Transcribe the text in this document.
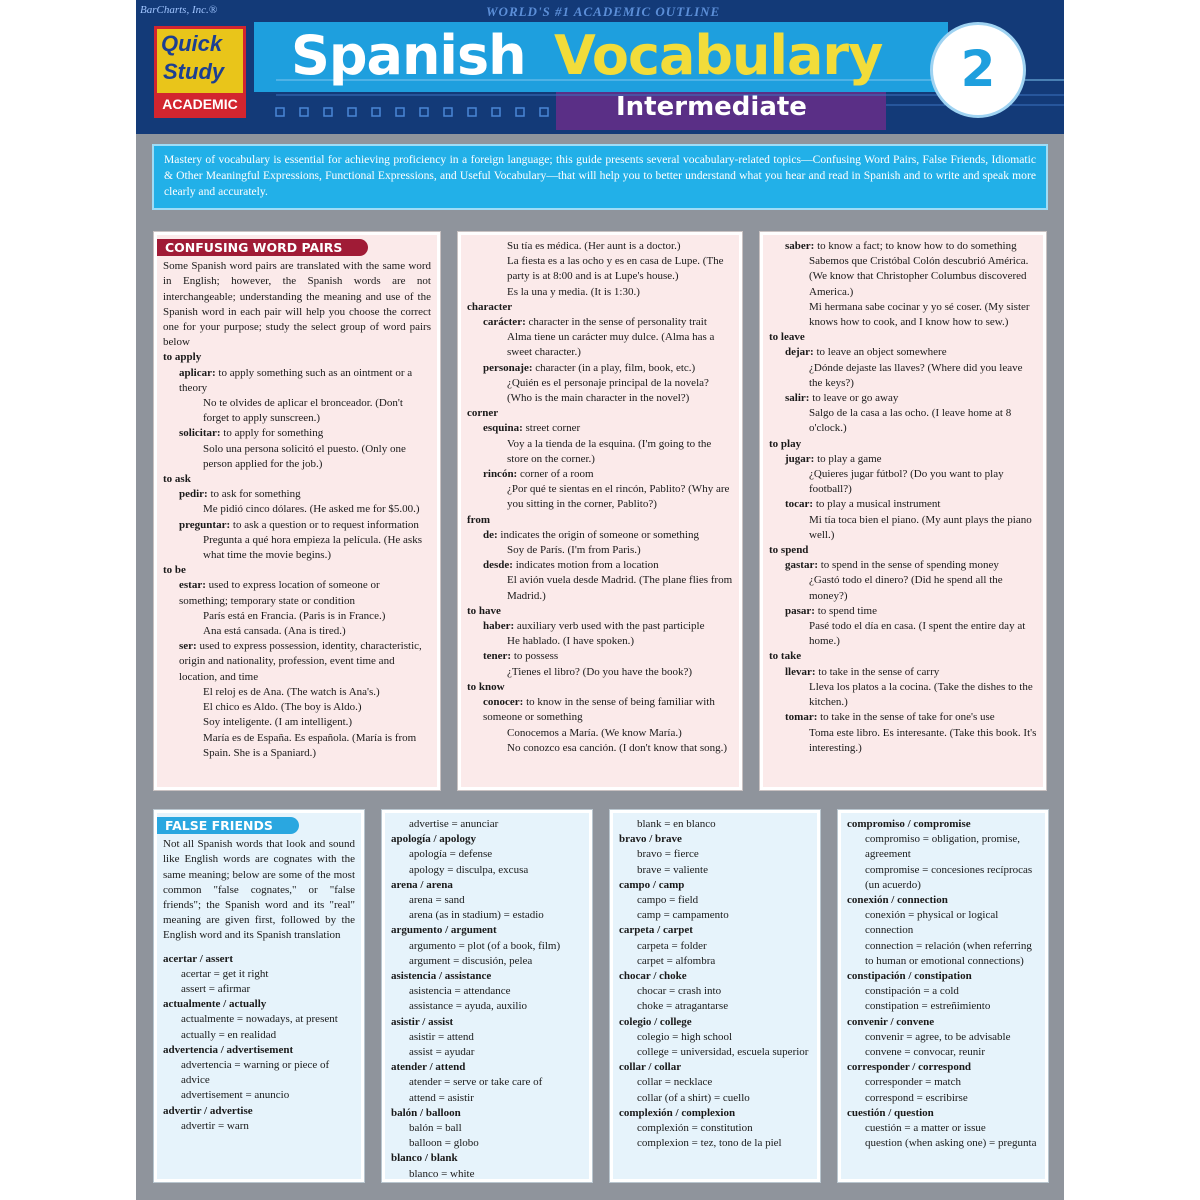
BarCharts, Inc.®	WORLD'S #1 ACADEMIC OUTLINE
Quick
Study
ACADEMIC
Spanish Vocabulary
Intermediate
2
Mastery of vocabulary is essential for achieving proficiency in a foreign language; this guide presents several vocabulary-related topics—Confusing Word Pairs, False Friends, Idiomatic & Other Meaningful Expressions, Functional Expressions, and Useful Vocabulary—that will help you to better understand what you hear and read in Spanish and to write and speak more clearly and accurately.
CONFUSING WORD PAIRS
Some Spanish word pairs are translated with the same word in English; however, the Spanish words are not interchangeable; understanding the meaning and use of the Spanish word in each pair will help you choose the correct one for your purpose; study the select group of word pairs below
to apply
aplicar: to apply something such as an ointment or a theory
No te olvides de aplicar el bronceador. (Don't forget to apply sunscreen.)
solicitar: to apply for something
Solo una persona solicitó el puesto. (Only one person applied for the job.)
to ask
pedir: to ask for something
Me pidió cinco dólares. (He asked me for $5.00.)
preguntar: to ask a question or to request information
Pregunta a qué hora empieza la película. (He asks what time the movie begins.)
to be
estar: used to express location of someone or something; temporary state or condition
París está en Francia. (Paris is in France.)
Ana está cansada. (Ana is tired.)
ser: used to express possession, identity, characteristic, origin and nationality, profession, event time and location, and time
El reloj es de Ana. (The watch is Ana's.)
El chico es Aldo. (The boy is Aldo.)
Soy inteligente. (I am intelligent.)
María es de España. Es española. (María is from Spain. She is a Spaniard.)
Su tía es médica. (Her aunt is a doctor.)
La fiesta es a las ocho y es en casa de Lupe. (The party is at 8:00 and is at Lupe's house.)
Es la una y media. (It is 1:30.)
character
carácter: character in the sense of personality trait
Alma tiene un carácter muy dulce. (Alma has a sweet character.)
personaje: character (in a play, film, book, etc.)
¿Quién es el personaje principal de la novela? (Who is the main character in the novel?)
corner
esquina: street corner
Voy a la tienda de la esquina. (I'm going to the store on the corner.)
rincón: corner of a room
¿Por qué te sientas en el rincón, Pablito? (Why are you sitting in the corner, Pablito?)
from
de: indicates the origin of someone or something
Soy de París. (I'm from Paris.)
desde: indicates motion from a location
El avión vuela desde Madrid. (The plane flies from Madrid.)
to have
haber: auxiliary verb used with the past participle
He hablado. (I have spoken.)
tener: to possess
¿Tienes el libro? (Do you have the book?)
to know
conocer: to know in the sense of being familiar with someone or something
Conocemos a María. (We know María.)
No conozco esa canción. (I don't know that song.)
saber: to know a fact; to know how to do something
Sabemos que Cristóbal Colón descubrió América. (We know that Christopher Columbus discovered America.)
Mi hermana sabe cocinar y yo sé coser. (My sister knows how to cook, and I know how to sew.)
to leave
dejar: to leave an object somewhere
¿Dónde dejaste las llaves? (Where did you leave the keys?)
salir: to leave or go away
Salgo de la casa a las ocho. (I leave home at 8 o'clock.)
to play
jugar: to play a game
¿Quieres jugar fútbol? (Do you want to play football?)
tocar: to play a musical instrument
Mi tía toca bien el piano. (My aunt plays the piano well.)
to spend
gastar: to spend in the sense of spending money
¿Gastó todo el dinero? (Did he spend all the money?)
pasar: to spend time
Pasé todo el día en casa. (I spent the entire day at home.)
to take
llevar: to take in the sense of carry
Lleva los platos a la cocina. (Take the dishes to the kitchen.)
tomar: to take in the sense of take for one's use
Toma este libro. Es interesante. (Take this book. It's interesting.)
FALSE FRIENDS
Not all Spanish words that look and sound like English words are cognates with the same meaning; below are some of the most common "false cognates," or "false friends"; the Spanish word and its "real" meaning are given first, followed by the English word and its Spanish translation
acertar / assert
acertar = get it right
assert = afirmar
actualmente / actually
actualmente = nowadays, at present
actually = en realidad
advertencia / advertisement
advertencia = warning or piece of advice
advertisement = anuncio
advertir / advertise
advertir = warn
advertise = anunciar
apología / apology
apología = defense
apology = disculpa, excusa
arena / arena
arena = sand
arena (as in stadium) = estadio
argumento / argument
argumento = plot (of a book, film)
argument = discusión, pelea
asistencia / assistance
asistencia = attendance
assistance = ayuda, auxilio
asistir / assist
asistir = attend
assist = ayudar
atender / attend
atender = serve or take care of
attend = asistir
balón / balloon
balón = ball
balloon = globo
blanco / blank
blanco = white
blank = en blanco
bravo / brave
bravo = fierce
brave = valiente
campo / camp
campo = field
camp = campamento
carpeta / carpet
carpeta = folder
carpet = alfombra
chocar / choke
chocar = crash into
choke = atragantarse
colegio / college
colegio = high school
college = universidad, escuela superior
collar / collar
collar = necklace
collar (of a shirt) = cuello
complexión / complexion
complexión = constitution
complexion = tez, tono de la piel
compromiso / compromise
compromiso = obligation, promise, agreement
compromise = concesiones recíprocas (un acuerdo)
conexión / connection
conexión = physical or logical connection
connection = relación (when referring to human or emotional connections)
constipación / constipation
constipación = a cold
constipation = estreñimiento
convenir / convene
convenir = agree, to be advisable
convene = convocar, reunir
corresponder / correspond
corresponder = match
correspond = escribirse
cuestión / question
cuestión = a matter or issue
question (when asking one) = pregunta
